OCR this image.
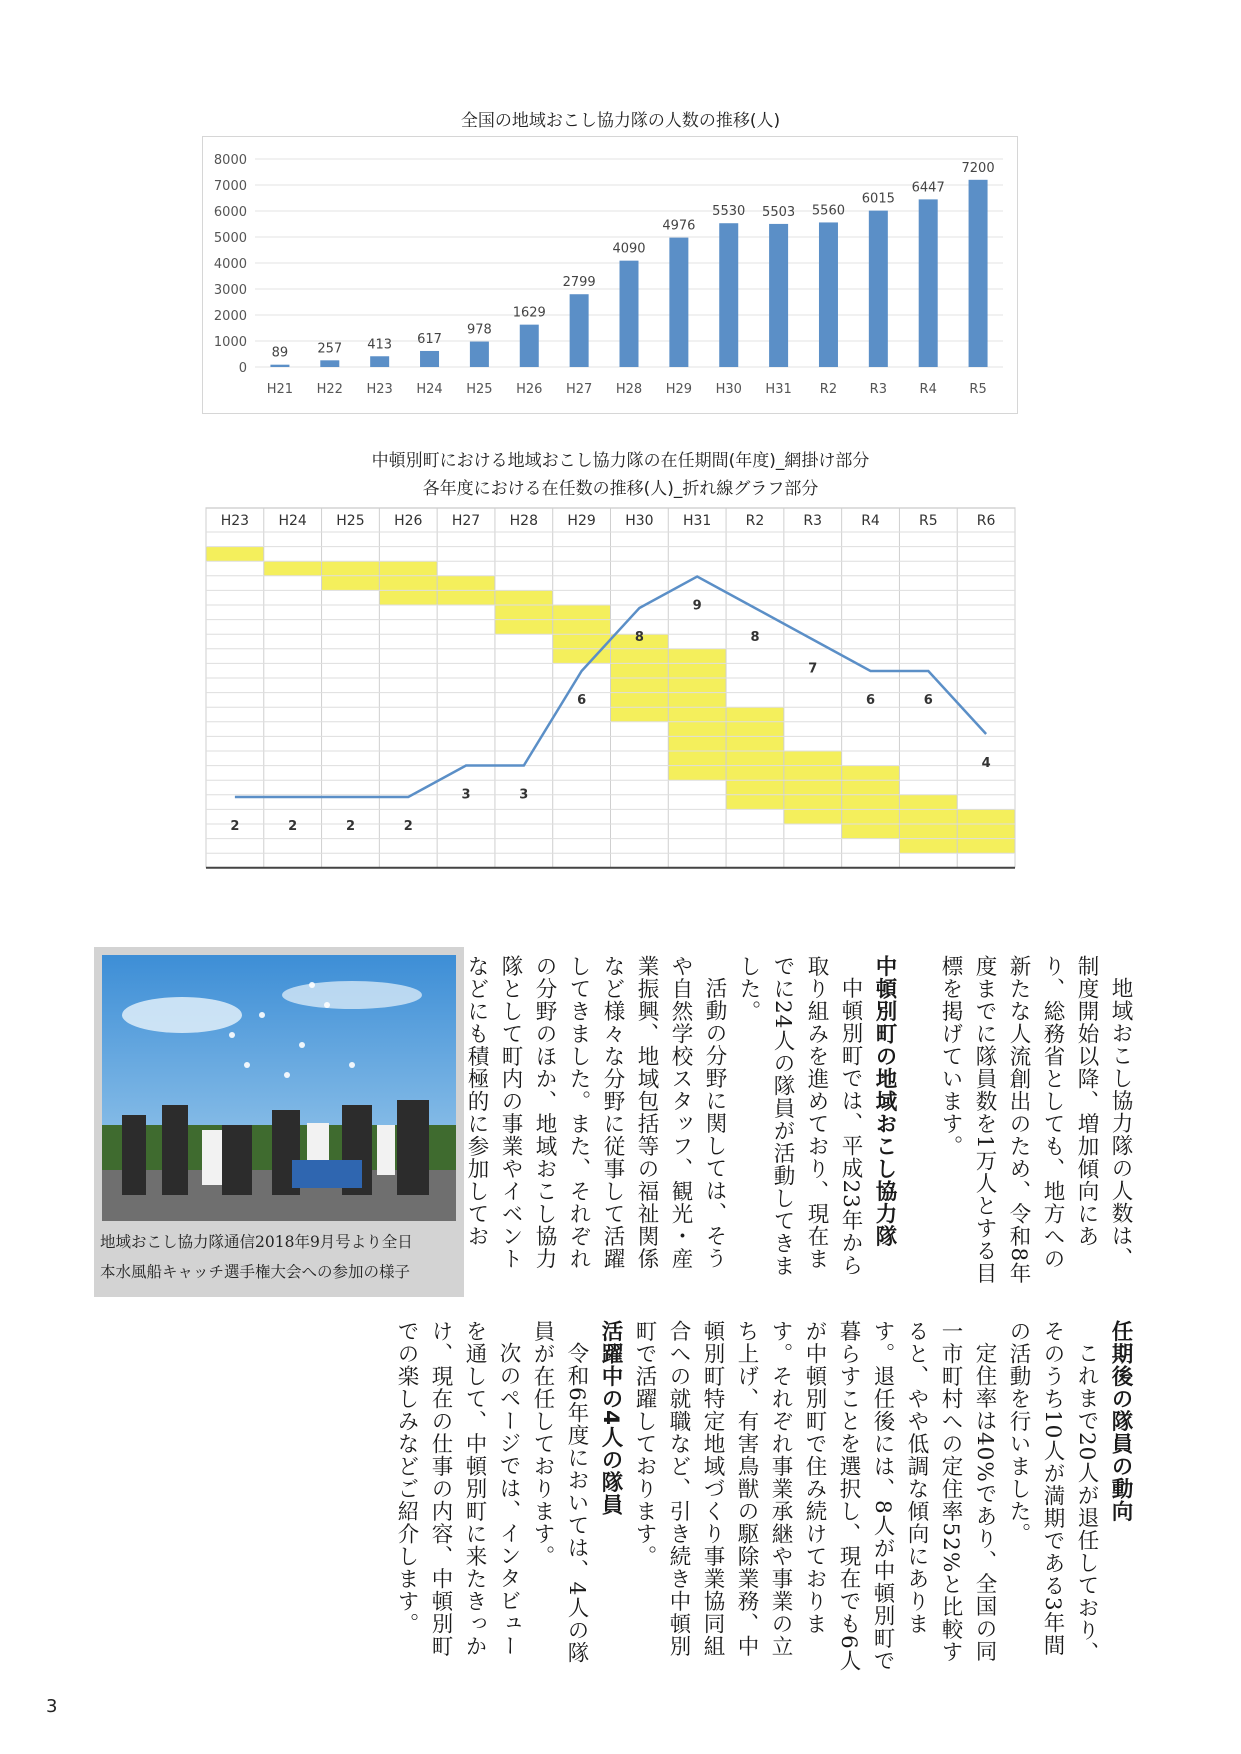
全国の地域おこし協力隊の人数の推移(人)
0
1000
2000
3000
4000
5000
6000
7000
8000
89
H21
257
H22
413
H23
617
H24
978
H25
1629
H26
2799
H27
4090
H28
4976
H29
5530
H30
5503
H31
5560
R2
6015
R3
6447
R4
7200
R5
中頓別町における地域おこし協力隊の在任期間(年度)_網掛け部分
各年度における在任数の推移(人)_折れ線グラフ部分
H23 H24 H25 H26 H27 H28 H29 H30 H31 R2	R3	R4	R5	R6
2	2	2	2
3	3
6
8
9
8
7
6	6
4

地域おこし協力隊の人数は、制度開始以降、増加傾向にあり、総務省としても、地方への新たな人流創出のため、令和8年度までに隊員数を1万人とする目標を掲げています。

任期後の隊員の動向

これまで20人が退任しており、そのうち10人が満期である3年間の活動を行いました。

定住率は40%であり、全国の同一市町村への定住率52%と比較すると、やや低調な傾向にあります。退任後には、8人が中頓別町で暮らすことを選択し、現在でも6人が中頓別町で住み続けております。それぞれ事業承継や事業の立ち上げ、有害鳥獣の駆除業務、中頓別町特定地域づくり事業協同組合への就職など、引き続き中頓別町で活躍しております。

活躍中の4人の隊員

令和6年度においては、4人の隊員が在任しております。

次のページでは、インタビューを通して、中頓別町に来たきっかけ、現在の仕事の内容、中頓別町での楽しみなどご紹介します。

中頓別町の地域おこし協力隊

中頓別町では、平成23年から取り組みを進めており、現在までに24人の隊員が活動してきました。

活動の分野に関しては、そうや自然学校スタッフ、観光・産業振興、地域包括等の福祉関係など様々な分野に従事して活躍してきました。また、それぞれの分野のほか、地域おこし協力隊として町内の事業やイベントなどにも積極的に参加してお

地域おこし協力隊通信2018年9月号より全日
本水風船キャッチ選手権大会への参加の様子
3
